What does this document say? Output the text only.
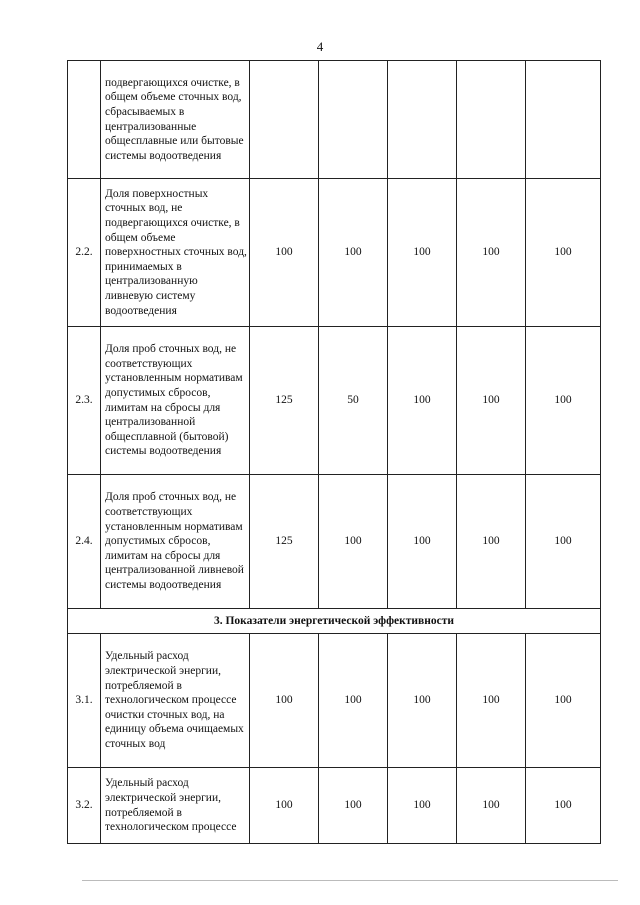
4
	подвергающихся очистке, в общем объеме сточных вод, сбрасываемых в централизованные общесплавные или бытовые системы водоотведения					
2.2.	Доля поверхностных сточных вод, не подвергающихся очистке, в общем объеме поверхностных сточных вод, принимаемых в централизованную ливневую систему водоотведения	100	100	100	100	100
2.3.	Доля проб сточных вод, не соответствующих установленным нормативам допустимых сбросов, лимитам на сбросы для централизованной общесплавной (бытовой) системы водоотведения	125	50	100	100	100
2.4.	Доля проб сточных вод, не соответствующих установленным нормативам допустимых сбросов, лимитам на сбросы для централизованной ливневой системы водоотведения	125	100	100	100	100
3. Показатели энергетической эффективности						
3.1.	Удельный расход электрической энергии, потребляемой в технологическом процессе очистки сточных вод, на единицу объема очищаемых сточных вод	100	100	100	100	100
3.2.	Удельный расход электрической энергии, потребляемой в технологическом процессе	100	100	100	100	100
